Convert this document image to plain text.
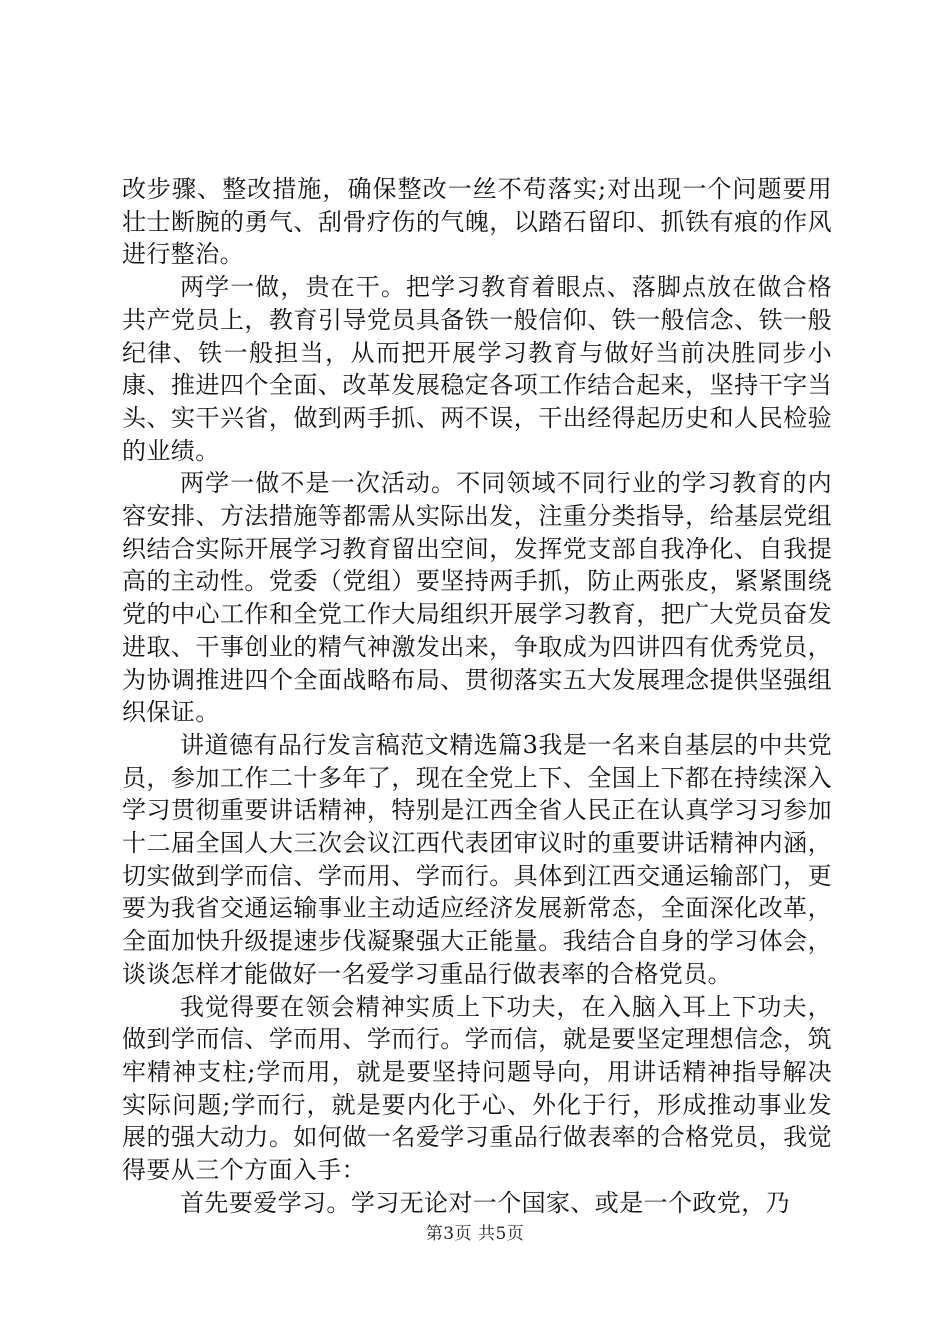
改步骤、整改措施，确保整改一丝不苟落实;对出现一个问题要用壮士断腕的勇气、刮骨疗伤的气魄，以踏石留印、抓铁有痕的作风进行整治。

两学一做，贵在干。把学习教育着眼点、落脚点放在做合格共产党员上，教育引导党员具备铁一般信仰、铁一般信念、铁一般纪律、铁一般担当，从而把开展学习教育与做好当前决胜同步小康、推进四个全面、改革发展稳定各项工作结合起来，坚持干字当头、实干兴省，做到两手抓、两不误，干出经得起历史和人民检验的业绩。

两学一做不是一次活动。不同领域不同行业的学习教育的内容安排、方法措施等都需从实际出发，注重分类指导，给基层党组织结合实际开展学习教育留出空间，发挥党支部自我净化、自我提高的主动性。党委（党组）要坚持两手抓，防止两张皮，紧紧围绕党的中心工作和全党工作大局组织开展学习教育，把广大党员奋发进取、干事创业的精气神激发出来，争取成为四讲四有优秀党员，为协调推进四个全面战略布局、贯彻落实五大发展理念提供坚强组织保证。

讲道德有品行发言稿范文精选篇3我是一名来自基层的中共党员，参加工作二十多年了，现在全党上下、全国上下都在持续深入学习贯彻重要讲话精神，特别是江西全省人民正在认真学习习参加十二届全国人大三次会议江西代表团审议时的重要讲话精神内涵，切实做到学而信、学而用、学而行。具体到江西交通运输部门，更要为我省交通运输事业主动适应经济发展新常态，全面深化改革，全面加快升级提速步伐凝聚强大正能量。我结合自身的学习体会，谈谈怎样才能做好一名爱学习重品行做表率的合格党员。

我觉得要在领会精神实质上下功夫，在入脑入耳上下功夫，做到学而信、学而用、学而行。学而信，就是要坚定理想信念，筑牢精神支柱;学而用，就是要坚持问题导向，用讲话精神指导解决实际问题;学而行，就是要内化于心、外化于行，形成推动事业发展的强大动力。如何做一名爱学习重品行做表率的合格党员，我觉得要从三个方面入手：

首先要爱学习。学习无论对一个国家、或是一个政党，乃

第3页 共5页
